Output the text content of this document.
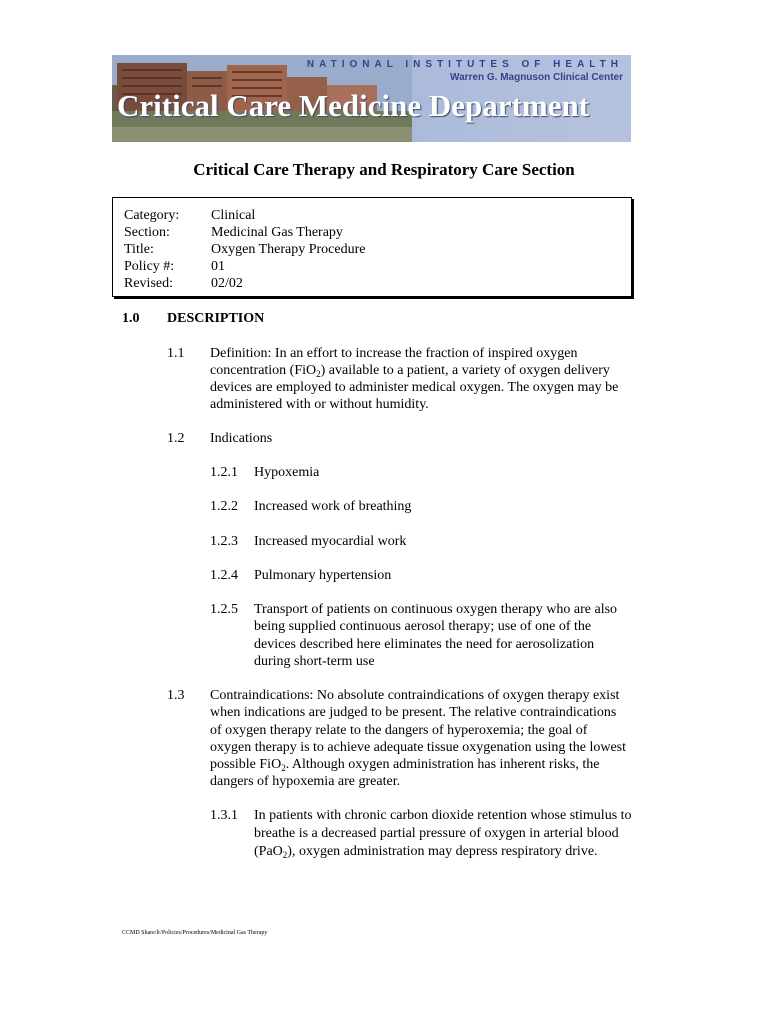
NATIONAL INSTITUTES OF HEALTH
Warren G. Magnuson Clinical Center
Critical Care Medicine Department
Critical Care Therapy and Respiratory Care Section
Category: Clinical
Section:	Medicinal Gas Therapy
Title:	Oxygen Therapy Procedure
Policy #:	01
Revised:	02/02
1.0 DESCRIPTION
1.1 Definition: In an effort to increase the fraction of inspired oxygen
concentration (FiO$_2$) available to a patient, a variety of oxygen delivery
devices are employed to administer medical oxygen. The oxygen may be
administered with or without humidity.
1.2 Indications
1.2.1 Hypoxemia
1.2.2 Increased work of breathing
1.2.3 Increased myocardial work
1.2.4 Pulmonary hypertension
1.2.5 Transport of patients on continuous oxygen therapy who are also
being supplied continuous aerosol therapy; use of one of the
devices described here eliminates the need for aerosolization
during short-term use
1.3 Contraindications: No absolute contraindications of oxygen therapy exist
when indications are judged to be present. The relative contraindications
of oxygen therapy relate to the dangers of hyperoxemia; the goal of
oxygen therapy is to achieve adequate tissue oxygenation using the lowest
possible FiO$_2$. Although oxygen administration has inherent risks, the
dangers of hypoxemia are greater.
1.3.1 In patients with chronic carbon dioxide retention whose stimulus to
breathe is a decreased partial pressure of oxygen in arterial blood
(PaO$_2$), oxygen administration may depress respiratory drive.
CCMD Share/lr/Policies/Procedures/Medicinal Gas Therapy
